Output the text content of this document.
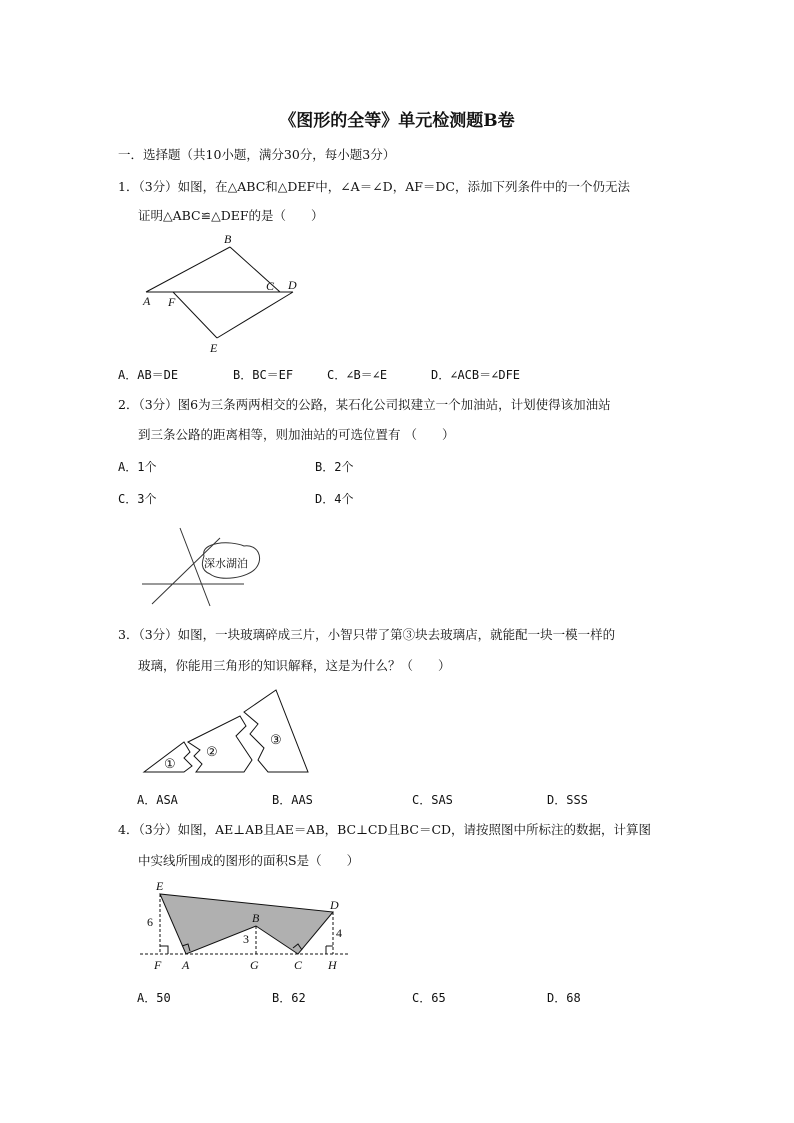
《图形的全等》单元检测题B卷
一．选择题（共10小题，满分30分，每小题3分）
1．（3分）如图，在△ABC和△DEF中，∠A＝∠D，AF＝DC，添加下列条件中的一个仍无法
证明△ABC≌△DEF的是（　　）
B
A F
C D
E
A．AB＝DE	B．BC＝EF	C．∠B＝∠E	D．∠ACB＝∠DFE
2．（3分）图6为三条两两相交的公路，某石化公司拟建立一个加油站，计划使得该加油站
到三条公路的距离相等，则加油站的可选位置有 （　　）
A．1个	B．2个
C．3个	D．4个
深水湖泊
3．（3分）如图，一块玻璃碎成三片，小智只带了第③块去玻璃店，就能配一块一模一样的
玻璃，你能用三角形的知识解释，这是为什么？（　　）
①
②
③
A．ASA	B．AAS	C．SAS	D．SSS
4．（3分）如图，AE⊥AB且AE＝AB，BC⊥CD且BC＝CD，请按照图中所标注的数据，计算图
中实线所围成的图形的面积S是（　　）
E
D
B
F A	G	C H
6
3	4
A．50	B．62	C．65	D．68
